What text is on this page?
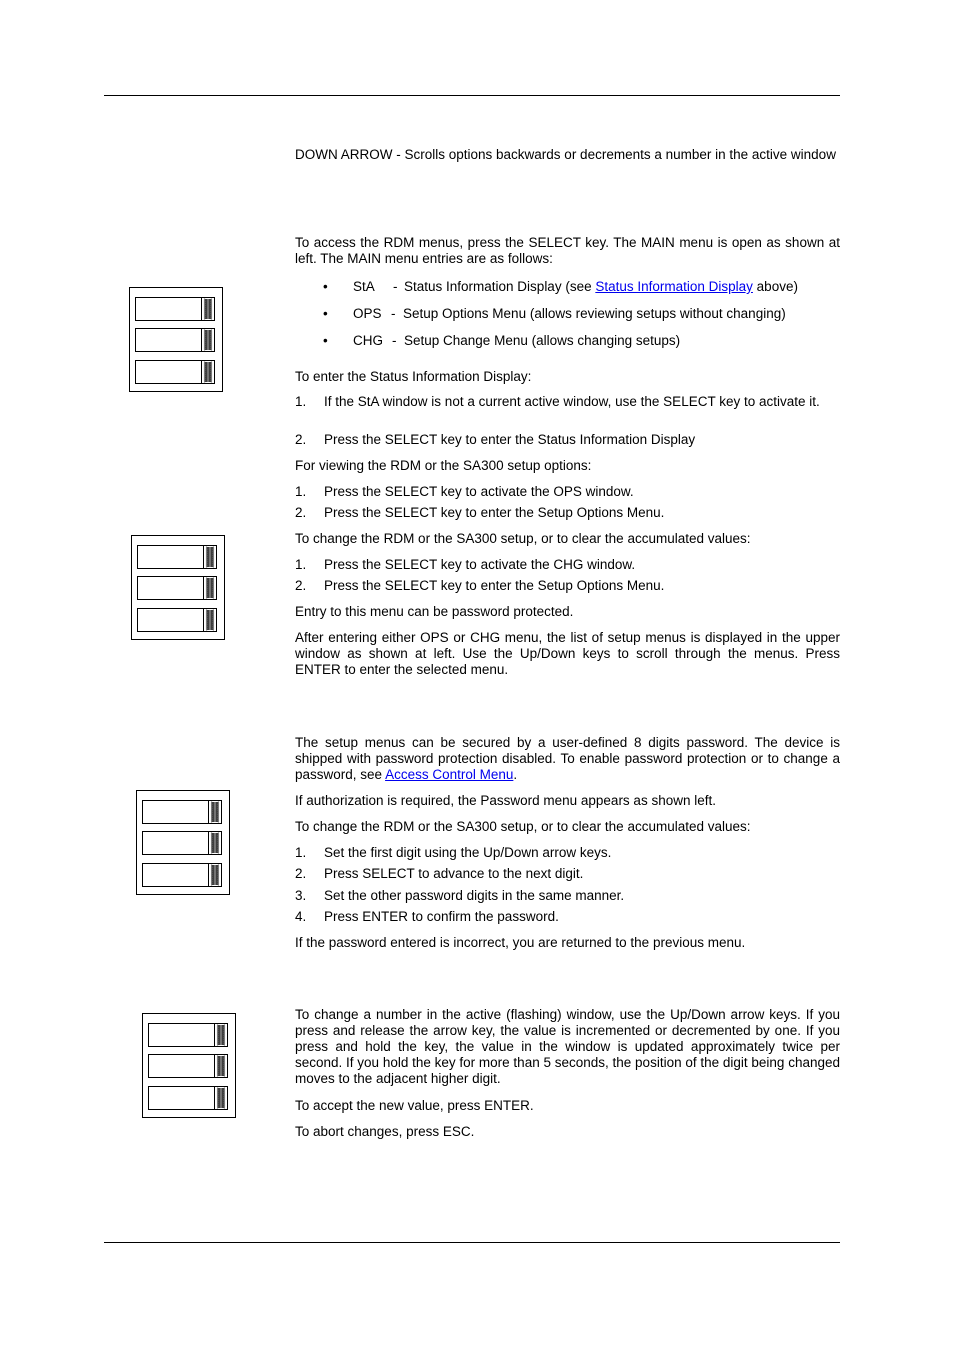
DOWN ARROW - Scrolls options backwards or decrements a number in the active window
To access the RDM menus, press the SELECT key. The MAIN menu is open as shown at left. The MAIN menu entries are as follows:
• StA - Status Information Display (see Status Information Display above)
• OPS - Setup Options Menu (allows reviewing setups without changing)
• CHG - Setup Change Menu (allows changing setups)
To enter the Status Information Display:
1. If the StA window is not a current active window, use the SELECT key to activate it.
2. Press the SELECT key to enter the Status Information Display
For viewing the RDM or the SA300 setup options:
1. Press the SELECT key to activate the OPS window.
2. Press the SELECT key to enter the Setup Options Menu.
To change the RDM or the SA300 setup, or to clear the accumulated values:
1. Press the SELECT key to activate the CHG window.
2. Press the SELECT key to enter the Setup Options Menu.
Entry to this menu can be password protected.
After entering either OPS or CHG menu, the list of setup menus is displayed in the upper window as shown at left. Use the Up/Down keys to scroll through the menus. Press ENTER to enter the selected menu.
The setup menus can be secured by a user-defined 8 digits password. The device is shipped with password protection disabled. To enable password protection or to change a password, see Access Control Menu.
If authorization is required, the Password menu appears as shown left.
To change the RDM or the SA300 setup, or to clear the accumulated values:
1. Set the first digit using the Up/Down arrow keys.
2. Press SELECT to advance to the next digit.
3. Set the other password digits in the same manner.
4. Press ENTER to confirm the password.
If the password entered is incorrect, you are returned to the previous menu.
To change a number in the active (flashing) window, use the Up/Down arrow keys. If you press and release the arrow key, the value is incremented or decremented by one. If you press and hold the key, the value in the window is updated approximately twice per second. If you hold the key for more than 5 seconds, the position of the digit being changed moves to the adjacent higher digit.
To accept the new value, press ENTER.
To abort changes, press ESC.
